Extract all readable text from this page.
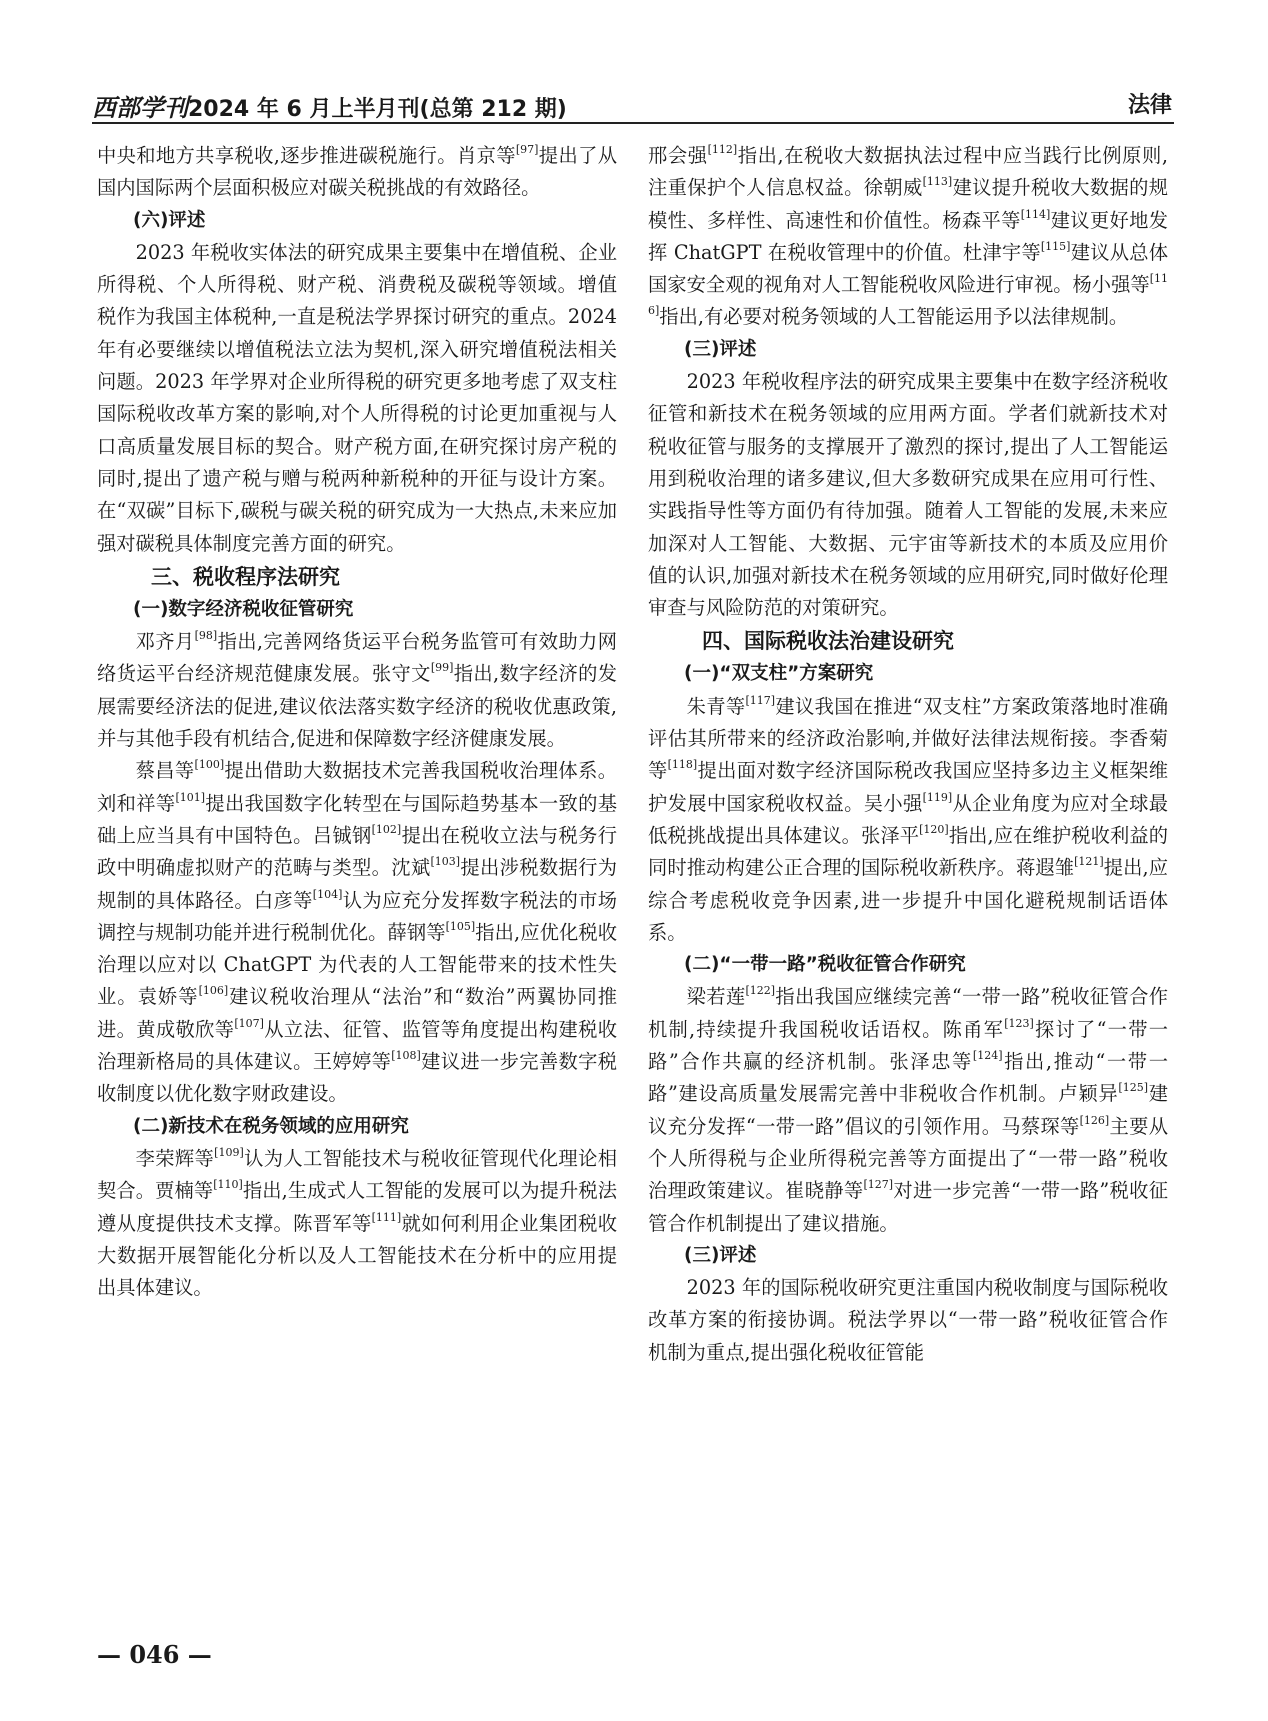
西部学刊2024 年 6 月上半月刊(总第 212 期)	法律

中央和地方共享税收,逐步推进碳税施行。肖京等[97]提出了从国内国际两个层面积极应对碳关税挑战的有效路径。

(六)评述

2023 年税收实体法的研究成果主要集中在增值税、企业所得税、个人所得税、财产税、消费税及碳税等领域。增值税作为我国主体税种,一直是税法学界探讨研究的重点。2024 年有必要继续以增值税法立法为契机,深入研究增值税法相关问题。2023 年学界对企业所得税的研究更多地考虑了双支柱国际税收改革方案的影响,对个人所得税的讨论更加重视与人口高质量发展目标的契合。财产税方面,在研究探讨房产税的同时,提出了遗产税与赠与税两种新税种的开征与设计方案。在“双碳”目标下,碳税与碳关税的研究成为一大热点,未来应加强对碳税具体制度完善方面的研究。

三、税收程序法研究
(一)数字经济税收征管研究

邓齐月[98]指出,完善网络货运平台税务监管可有效助力网络货运平台经济规范健康发展。张守文[99]指出,数字经济的发展需要经济法的促进,建议依法落实数字经济的税收优惠政策,并与其他手段有机结合,促进和保障数字经济健康发展。

蔡昌等[100]提出借助大数据技术完善我国税收治理体系。刘和祥等[101]提出我国数字化转型在与国际趋势基本一致的基础上应当具有中国特色。吕铖钢[102]提出在税收立法与税务行政中明确虚拟财产的范畴与类型。沈斌[103]提出涉税数据行为规制的具体路径。白彦等[104]认为应充分发挥数字税法的市场调控与规制功能并进行税制优化。薛钢等[105]指出,应优化税收治理以应对以 ChatGPT 为代表的人工智能带来的技术性失业。袁娇等[106]建议税收治理从“法治”和“数治”两翼协同推进。黄成敬欣等[107]从立法、征管、监管等角度提出构建税收治理新格局的具体建议。王婷婷等[108]建议进一步完善数字税收制度以优化数字财政建设。

(二)新技术在税务领域的应用研究

李荣辉等[109]认为人工智能技术与税收征管现代化理论相契合。贾楠等[110]指出,生成式人工智能的发展可以为提升税法遵从度提供技术支撑。陈晋军等[111]就如何利用企业集团税收大数据开展智能化分析以及人工智能技术在分析中的应用提出具体建议。

邢会强[112]指出,在税收大数据执法过程中应当践行比例原则,注重保护个人信息权益。徐朝威[113]建议提升税收大数据的规模性、多样性、高速性和价值性。杨森平等[114]建议更好地发挥 ChatGPT 在税收管理中的价值。杜津宇等[115]建议从总体国家安全观的视角对人工智能税收风险进行审视。杨小强等[116]指出,有必要对税务领域的人工智能运用予以法律规制。

(三)评述

2023 年税收程序法的研究成果主要集中在数字经济税收征管和新技术在税务领域的应用两方面。学者们就新技术对税收征管与服务的支撑展开了激烈的探讨,提出了人工智能运用到税收治理的诸多建议,但大多数研究成果在应用可行性、实践指导性等方面仍有待加强。随着人工智能的发展,未来应加深对人工智能、大数据、元宇宙等新技术的本质及应用价值的认识,加强对新技术在税务领域的应用研究,同时做好伦理审查与风险防范的对策研究。

四、国际税收法治建设研究
(一)“双支柱”方案研究

朱青等[117]建议我国在推进“双支柱”方案政策落地时准确评估其所带来的经济政治影响,并做好法律法规衔接。李香菊等[118]提出面对数字经济国际税改我国应坚持多边主义框架维护发展中国家税收权益。吴小强[119]从企业角度为应对全球最低税挑战提出具体建议。张泽平[120]指出,应在维护税收利益的同时推动构建公正合理的国际税收新秩序。蒋遐雏[121]提出,应综合考虑税收竞争因素,进一步提升中国化避税规制话语体系。

(二)“一带一路”税收征管合作研究

梁若莲[122]指出我国应继续完善“一带一路”税收征管合作机制,持续提升我国税收话语权。陈甬军[123]探讨了“一带一路”合作共赢的经济机制。张泽忠等[124]指出,推动“一带一路”建设高质量发展需完善中非税收合作机制。卢颖异[125]建议充分发挥“一带一路”倡议的引领作用。马蔡琛等[126]主要从个人所得税与企业所得税完善等方面提出了“一带一路”税收治理政策建议。崔晓静等[127]对进一步完善“一带一路”税收征管合作机制提出了建议措施。

(三)评述

2023 年的国际税收研究更注重国内税收制度与国际税收改革方案的衔接协调。税法学界以“一带一路”税收征管合作机制为重点,提出强化税收征管能

— 046 —
